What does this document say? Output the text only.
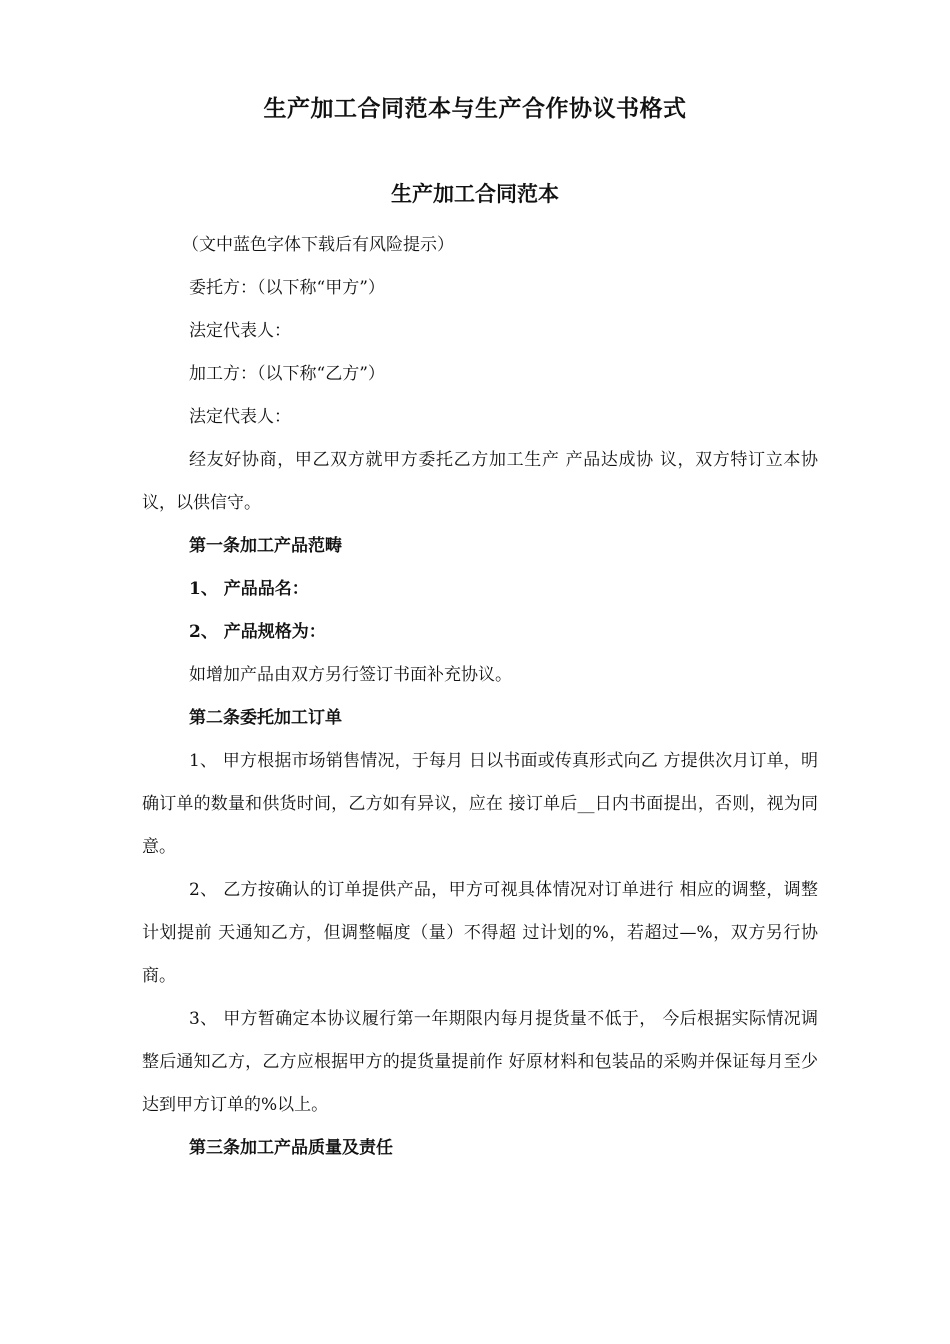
生产加工合同范本与生产合作协议书格式
生产加工合同范本

（文中蓝色字体下载后有风险提示）

委托方：（以下称“甲方”）

法定代表人：

加工方：（以下称“乙方”）

法定代表人：

经友好协商，甲乙双方就甲方委托乙方加工生产 产品达成协 议，双方特订立本协议，以供信守。

第一条加工产品范畴

1、 产品品名：

2、 产品规格为：

如增加产品由双方另行签订书面补充协议。

第二条委托加工订单

1、 甲方根据市场销售情况，于每月 日以书面或传真形式向乙 方提供次月订单，明确订单的数量和供货时间，乙方如有异议，应在 接订单后__日内书面提出，否则，视为同意。

2、 乙方按确认的订单提供产品，甲方可视具体情况对订单进行 相应的调整，调整计划提前 天通知乙方，但调整幅度（量）不得超 过计划的%，若超过—%，双方另行协商。

3、 甲方暂确定本协议履行第一年期限内每月提货量不低于， 今后根据实际情况调整后通知乙方，乙方应根据甲方的提货量提前作 好原材料和包装品的采购并保证每月至少达到甲方订单的%以上。

第三条加工产品质量及责任
